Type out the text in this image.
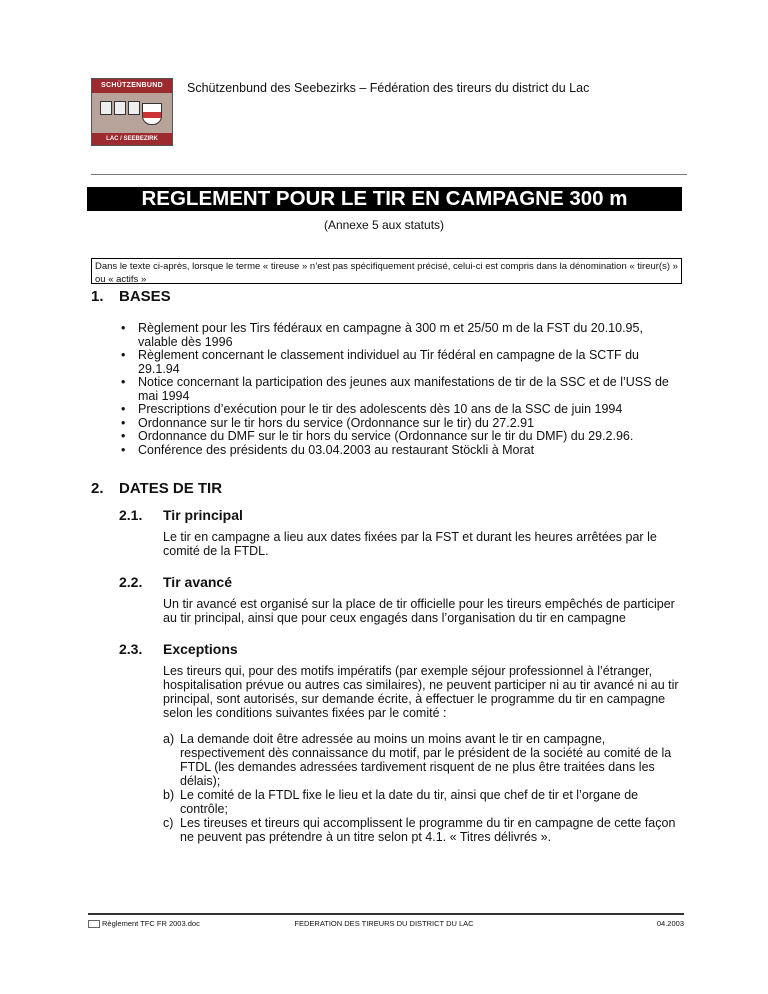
SCHÜTZENBUND
LAC / SEEBEZIRK
Schützenbund des Seebezirks – Fédération des tireurs du district du Lac
REGLEMENT POUR LE TIR EN CAMPAGNE 300 m
(Annexe 5 aux statuts)
Dans le texte ci-après, lorsque le terme « tireuse » n’est pas spécifiquement précisé, celui-ci est compris dans la dénomination « tireur(s) » ou « actifs »
1. BASES
• Règlement pour les Tirs fédéraux en campagne à 300 m et 25/50 m de la FST du 20.10.95, valable dès 1996
• Règlement concernant le classement individuel au Tir fédéral en campagne de la SCTF du 29.1.94
• Notice concernant la participation des jeunes aux manifestations de tir de la SSC et de l’USS de mai 1994
• Prescriptions d’exécution pour le tir des adolescents dès 10 ans de la SSC de juin 1994
• Ordonnance sur le tir hors du service (Ordonnance sur le tir) du 27.2.91
• Ordonnance du DMF sur le tir hors du service (Ordonnance sur le tir du DMF) du 29.2.96.
• Conférence des présidents du 03.04.2003 au restaurant Stöckli à Morat
2. DATES DE TIR
2.1. Tir principal
Le tir en campagne a lieu aux dates fixées par la FST et durant les heures arrêtées par le comité de la FTDL.
2.2. Tir avancé
Un tir avancé est organisé sur la place de tir officielle pour les tireurs empêchés de participer au tir principal, ainsi que pour ceux engagés dans l’organisation du tir en campagne
2.3. Exceptions
Les tireurs qui, pour des motifs impératifs (par exemple séjour professionnel à l’étranger, hospitalisation prévue ou autres cas similaires), ne peuvent participer ni au tir avancé ni au tir principal, sont autorisés, sur demande écrite, à effectuer le programme du tir en campagne selon les conditions suivantes fixées par le comité :
a) La demande doit être adressée au moins un moins avant le tir en campagne, respectivement dès connaissance du motif, par le président de la société au comité de la FTDL (les demandes adressées tardivement risquent de ne plus être traitées dans les délais);
b) Le comité de la FTDL fixe le lieu et la date du tir, ainsi que chef de tir et l’organe de contrôle;
c) Les tireuses et tireurs qui accomplissent le programme du tir en campagne de cette façon ne peuvent pas prétendre à un titre selon pt 4.1. « Titres délivrés ».
Règlement TFC FR 2003.doc	FEDERATION DES TIREURS DU DISTRICT DU LAC	04.2003
